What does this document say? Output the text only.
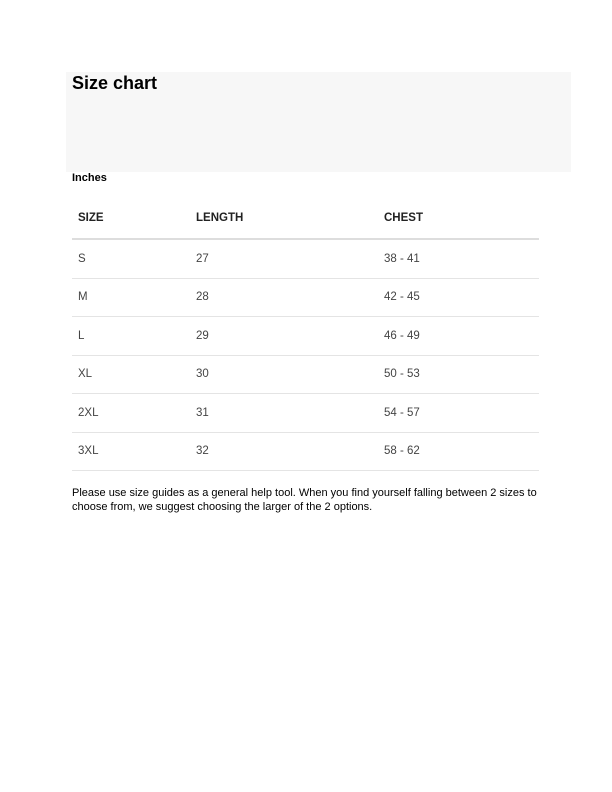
Size chart
Inches
SIZE	LENGTH	CHEST
S	27	38 - 41
M	28	42 - 45
L	29	46 - 49
XL	30	50 - 53
2XL	31	54 - 57
3XL	32	58 - 62

Please use size guides as a general help tool. When you find yourself falling between 2 sizes to choose from, we suggest choosing the larger of the 2 options.
